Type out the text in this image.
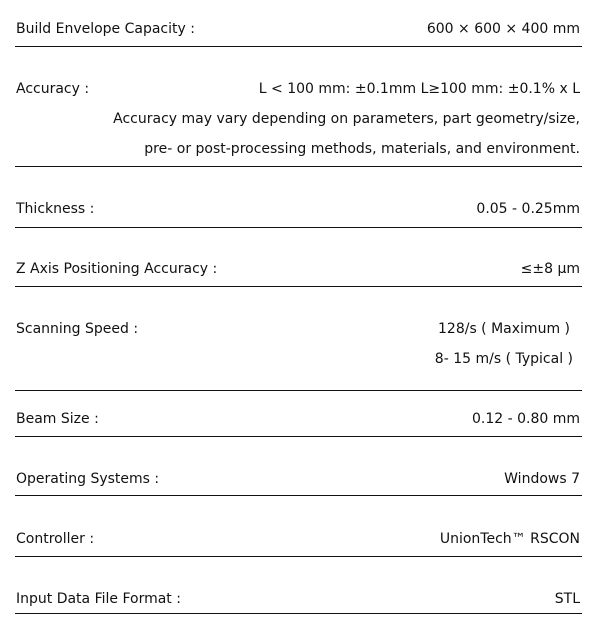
Build Envelope Capacity :	600 × 600 × 400 mm
Accuracy :	L < 100 mm: ±0.1mm L≥100 mm: ±0.1% x L
Accuracy may vary depending on parameters, part geometry/size,
pre- or post-processing methods, materials, and environment.
Thickness :	0.05 - 0.25mm
Z Axis Positioning Accuracy :	≤±8 μm
Scanning Speed :	128/s ( Maximum )
8- 15 m/s ( Typical )
Beam Size :	0.12 - 0.80 mm
Operating Systems :	Windows 7
Controller :	UnionTech™ RSCON
Input Data File Format :	STL
